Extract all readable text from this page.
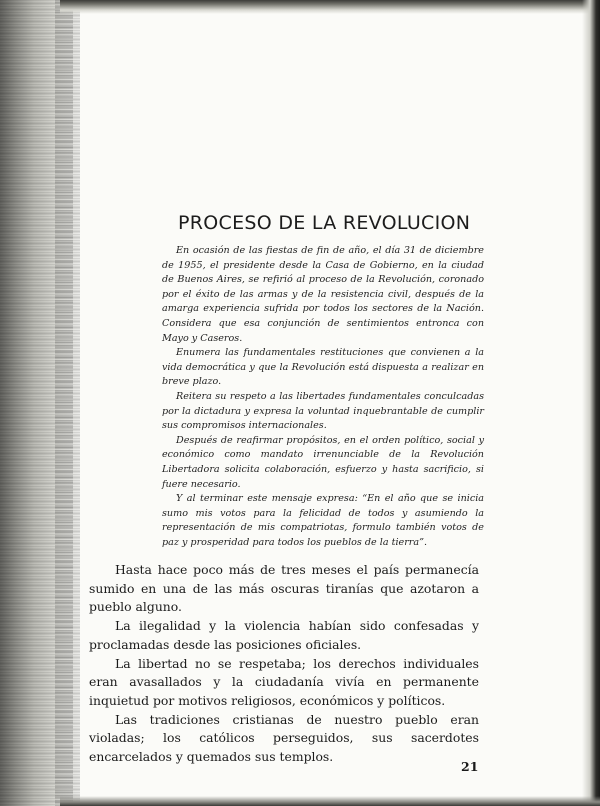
PROCESO DE LA REVOLUCION

En ocasión de las fiestas de fin de año, el día 31 de diciembre de 1955, el presidente desde la Casa de Gobierno, en la ciudad de Buenos Aires, se refirió al proceso de la Revolución, coronado por el éxito de las armas y de la resistencia civil, después de la amarga experiencia sufrida por todos los sectores de la Nación. Considera que esa conjunción de sentimientos entronca con Mayo y Caseros.

Enumera las fundamentales restituciones que convienen a la vida democrática y que la Revolución está dispuesta a realizar en breve plazo.

Reitera su respeto a las libertades fundamentales conculcadas por la dictadura y expresa la voluntad inquebrantable de cumplir sus compromisos internacionales.

Después de reafirmar propósitos, en el orden político, social y económico como mandato irrenunciable de la Revolución Libertadora solicita colaboración, esfuerzo y hasta sacrificio, si fuere necesario.

Y al terminar este mensaje expresa: “En el año que se inicia sumo mis votos para la felicidad de todos y asumiendo la representación de mis compatriotas, formulo también votos de paz y prosperidad para todos los pueblos de la tierra”.

Hasta hace poco más de tres meses el país permanecía sumido en una de las más oscuras tiranías que azotaron a pueblo alguno.

La ilegalidad y la violencia habían sido confesadas y proclamadas desde las posiciones oficiales.

La libertad no se respetaba; los derechos individuales eran avasallados y la ciudadanía vivía en permanente inquietud por motivos religiosos, económicos y políticos.

Las tradiciones cristianas de nuestro pueblo eran violadas; los católicos perseguidos, sus sacerdotes encarcelados y quemados sus templos.

21
